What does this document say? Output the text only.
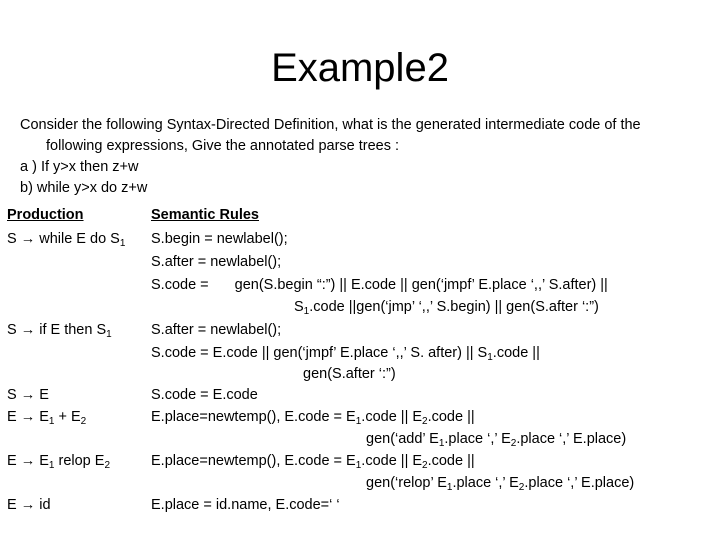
Example2
Consider the following Syntax-Directed Definition, what is the generated intermediate code of the
following expressions, Give the annotated parse trees :
a ) If y>x then z+w
b) while y>x do z+w
Production	Semantic Rules
S → while E do $S_1$ S.begin = newlabel();
S.after = newlabel();
S.code = gen(S.begin “:”) || E.code || gen(‘jmpf’ E.place ‘,,’ S.after) ||
$S_1.code$ ||gen(‘jmp’ ‘,,’ S.begin) || gen(S.after ‘:”)
S → if E then $S_1$	S.after = newlabel();
S.code = E.code || gen(‘jmpf’ E.place ‘,,’ S. after) || $S_1.code$ ||
gen(S.after ‘:”)
S → E	S.code = E.code
$E \to E_1 + E_2$	E.place=newtemp(), E.code = $E_1.code$ || $E_2.code$ ||
gen(‘add’ $E_1.place$ ‘,’ $E_2.place$ ‘,’ E.place)
$E \to E_1$ relop $E_2$	E.place=newtemp(), E.code = $E_1.code$ || $E_2.code$ ||
gen(‘relop’ $E_1.place$ ‘,’ $E_2.place$ ‘,’ E.place)
E → id	E.place = id.name, E.code=‘ ‘
